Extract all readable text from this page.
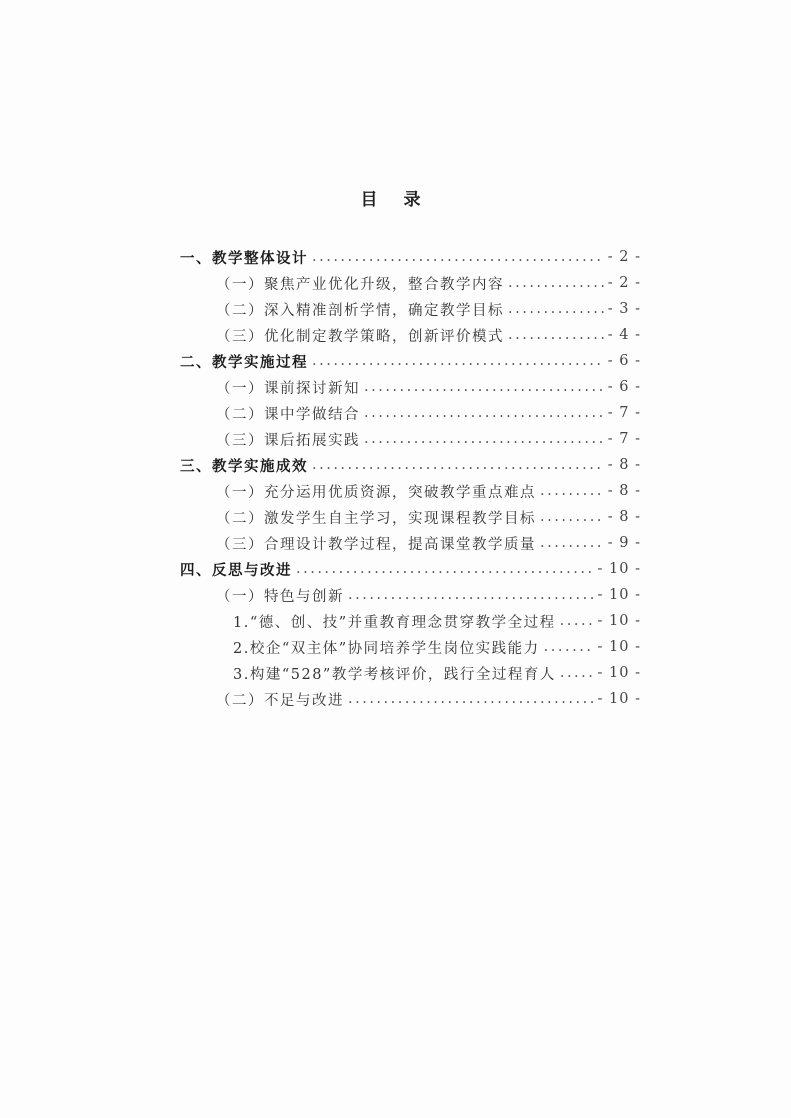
目 录
一、教学整体设计 .....	- 2 -
（一）聚焦产业优化升级，整合教学内容 .....	- 2 -
（二）深入精准剖析学情，确定教学目标 .....	- 3 -
（三）优化制定教学策略，创新评价模式 .....	- 4 -
二、教学实施过程 .....	- 6 -
（一）课前探讨新知 .....	- 6 -
（二）课中学做结合 .....	- 7 -
（三）课后拓展实践 .....	- 7 -
三、教学实施成效 .....	- 8 -
（一）充分运用优质资源，突破教学重点难点 .....	- 8 -
（二）激发学生自主学习，实现课程教学目标 .....	- 8 -
（三）合理设计教学过程，提高课堂教学质量 .....	- 9 -
四、反思与改进 .....	- 10 -
（一）特色与创新 .....	- 10 -
1.“德、创、技”并重教育理念贯穿教学全过程 .....	- 10 -
2.校企“双主体”协同培养学生岗位实践能力 .....	- 10 -
3.构建“528”教学考核评价，践行全过程育人 .....	- 10 -
（二）不足与改进 .....	- 10 -
